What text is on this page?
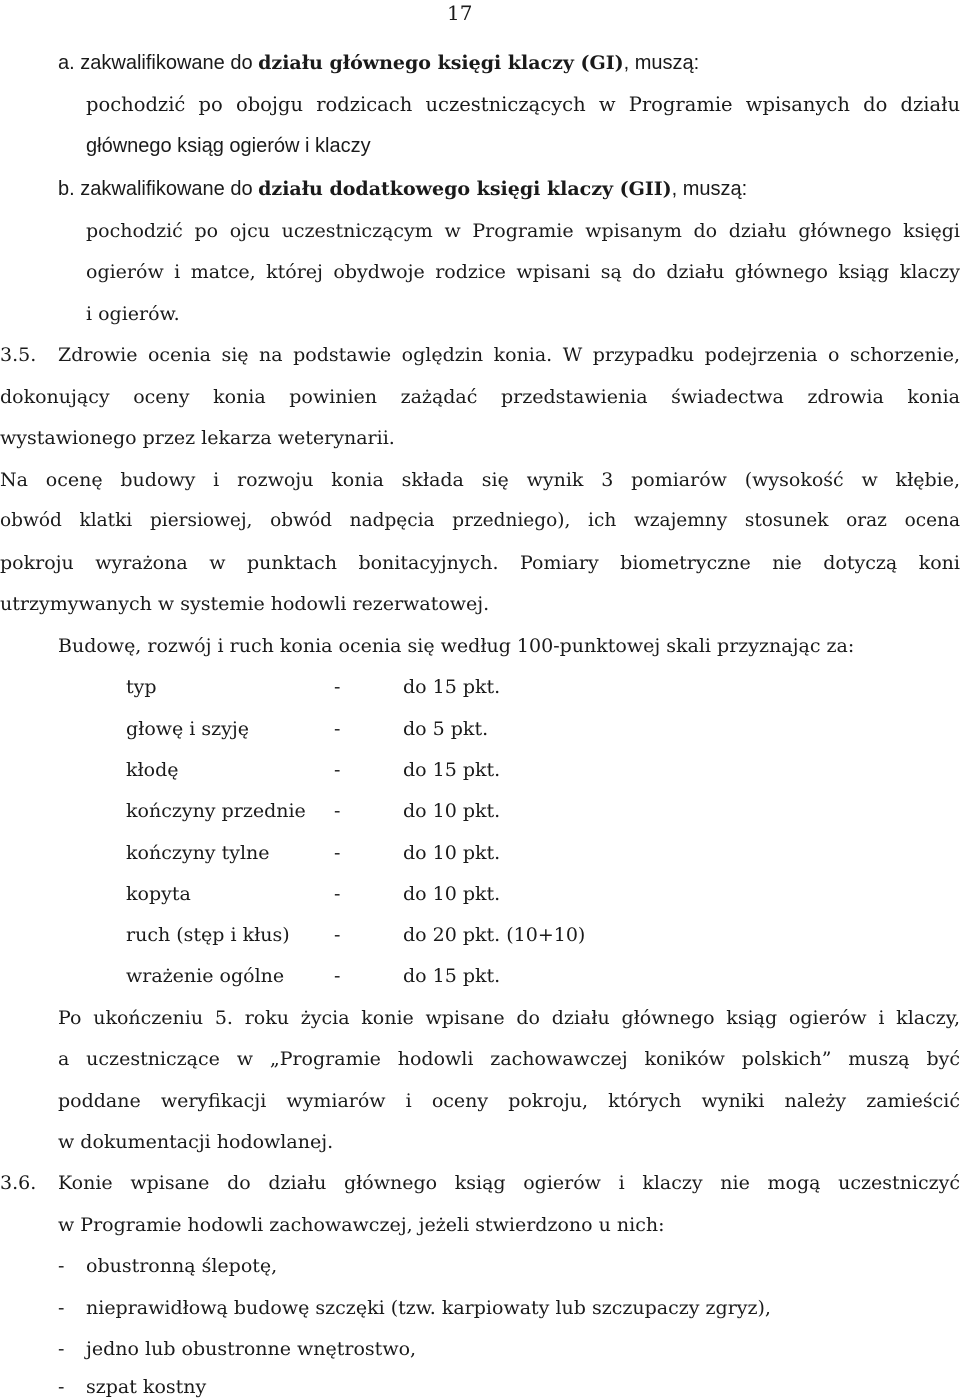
17
a. zakwalifikowane do działu głównego księgi klaczy (GI), muszą:
pochodzić po obojgu rodzicach uczestniczących w Programie wpisanych do działu
głównego ksiąg ogierów i klaczy
b. zakwalifikowane do działu dodatkowego księgi klaczy (GII), muszą:
pochodzić po ojcu uczestniczącym w Programie wpisanym do działu głównego księgi
ogierów i matce, której obydwoje rodzice wpisani są do działu głównego ksiąg klaczy
i ogierów.
3.5. Zdrowie ocenia się na podstawie oględzin konia. W przypadku podejrzenia o schorzenie,
dokonujący oceny konia powinien zażądać przedstawienia świadectwa zdrowia konia
wystawionego przez lekarza weterynarii.
Na ocenę budowy i rozwoju konia składa się wynik 3 pomiarów (wysokość w kłębie,
obwód klatki piersiowej, obwód nadpęcia przedniego), ich wzajemny stosunek oraz ocena
pokroju wyrażona w punktach bonitacyjnych. Pomiary biometryczne nie dotyczą koni
utrzymywanych w systemie hodowli rezerwatowej.
Budowę, rozwój i ruch konia ocenia się według 100-punktowej skali przyznając za:
typ	-	do 15 pkt.
głowę i szyję	-	do 5 pkt.
kłodę	-	do 15 pkt.
kończyny przednie -	do 10 pkt.
kończyny tylne	-	do 10 pkt.
kopyta	-	do 10 pkt.
ruch (stęp i kłus) -	do 20 pkt. (10+10)
wrażenie ogólne	-	do 15 pkt.
Po ukończeniu 5. roku życia konie wpisane do działu głównego ksiąg ogierów i klaczy,
a uczestniczące w „Programie hodowli zachowawczej koników polskich” muszą być
poddane weryfikacji wymiarów i oceny pokroju, których wyniki należy zamieścić
w dokumentacji hodowlanej.
3.6. Konie wpisane do działu głównego ksiąg ogierów i klaczy nie mogą uczestniczyć
w Programie hodowli zachowawczej, jeżeli stwierdzono u nich:
- obustronną ślepotę,
- nieprawidłową budowę szczęki (tzw. karpiowaty lub szczupaczy zgryz),
- jedno lub obustronne wnętrostwo,
- szpat kostny
